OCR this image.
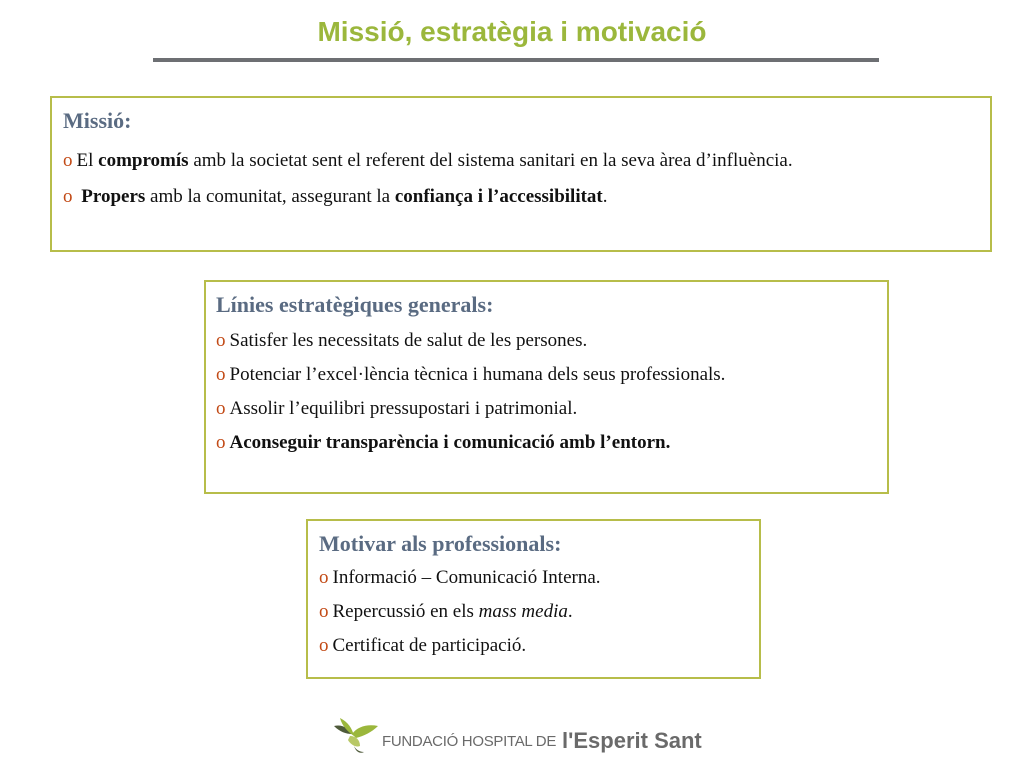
Missió, estratègia i motivació
Missió:

o El compromís amb la societat sent el referent del sistema sanitari en la seva àrea d’influència.

o Propers amb la comunitat, assegurant la confiança i l’accessibilitat.

Línies estratègiques generals:

o Satisfer les necessitats de salut de les persones.

o Potenciar l’excel·lència tècnica i humana dels seus professionals.

o Assolir l’equilibri pressupostari i patrimonial.

o Aconseguir transparència i comunicació amb l’entorn.

Motivar als professionals:

o Informació – Comunicació Interna.

o Repercussió en els mass media.

o Certificat de participació.

FUNDACIÓ HOSPITAL DE l'Esperit Sant
